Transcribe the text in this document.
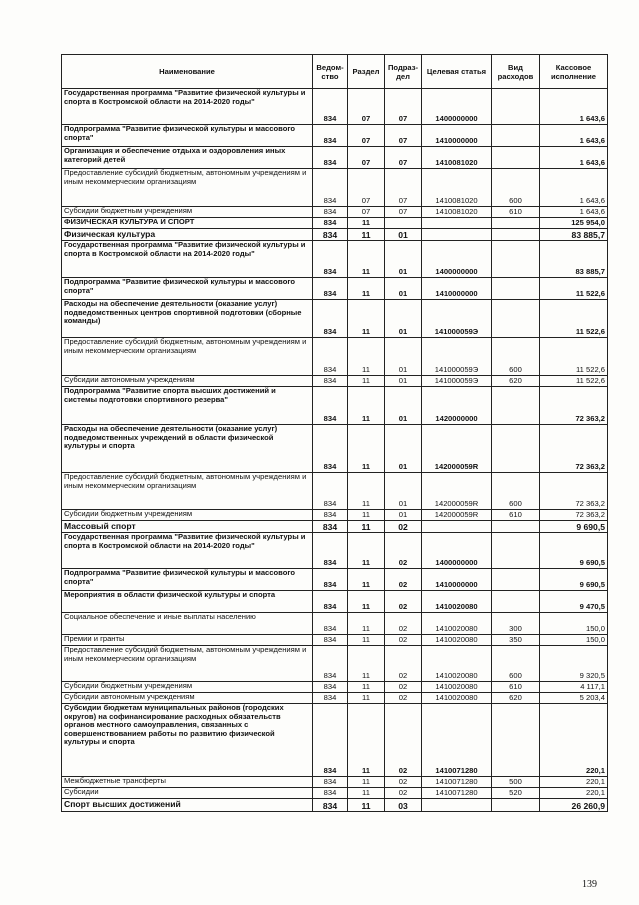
Наименование	Ведом-ство	Раздел	Подраз-дел	Целевая статья	Вид расходов	Кассовое исполнение
Государственная программа "Развитие физической культуры и спорта в Костромской области на 2014-2020 годы"	834	07	07	1400000000		1 643,6
Подпрограмма "Развитие физической культуры и массового спорта"	834	07	07	1410000000		1 643,6
Организация и обеспечение отдыха и оздоровления иных категорий детей	834	07	07	1410081020		1 643,6
Предоставление субсидий бюджетным, автономным учреждениям и иным некоммерческим организациям	834	07	07	1410081020	600	1 643,6
Субсидии бюджетным учреждениям	834	07	07	1410081020	610	1 643,6
ФИЗИЧЕСКАЯ КУЛЬТУРА И СПОРТ	834	11				125 954,0
Физическая культура	834	11	01			83 885,7
Государственная программа "Развитие физической культуры и спорта в Костромской области на 2014-2020 годы"	834	11	01	1400000000		83 885,7
Подпрограмма "Развитие физической культуры и массового спорта"	834	11	01	1410000000		11 522,6
Расходы на обеспечение деятельности (оказание услуг) подведомственных центров спортивной подготовки (сборные команды)	834	11	01	141000059Э		11 522,6
Предоставление субсидий бюджетным, автономным учреждениям и иным некоммерческим организациям	834	11	01	141000059Э	600	11 522,6
Субсидии автономным учреждениям	834	11	01	141000059Э	620	11 522,6
Подпрограмма "Развитие спорта высших достижений и системы подготовки спортивного резерва"	834	11	01	1420000000		72 363,2
Расходы на обеспечение деятельности (оказание услуг) подведомственных учреждений в области физической культуры и спорта	834	11	01	142000059R		72 363,2
Предоставление субсидий бюджетным, автономным учреждениям и иным некоммерческим организациям	834	11	01	142000059R	600	72 363,2
Субсидии бюджетным учреждениям	834	11	01	142000059R	610	72 363,2
Массовый спорт	834	11	02			9 690,5
Государственная программа "Развитие физической культуры и спорта в Костромской области на 2014-2020 годы"	834	11	02	1400000000		9 690,5
Подпрограмма "Развитие физической культуры и массового спорта"	834	11	02	1410000000		9 690,5
Мероприятия в области физической культуры и спорта	834	11	02	1410020080		9 470,5
Социальное обеспечение и иные выплаты населению	834	11	02	1410020080	300	150,0
Премии и гранты	834	11	02	1410020080	350	150,0
Предоставление субсидий бюджетным, автономным учреждениям и иным некоммерческим организациям	834	11	02	1410020080	600	9 320,5
Субсидии бюджетным учреждениям	834	11	02	1410020080	610	4 117,1
Субсидии автономным учреждениям	834	11	02	1410020080	620	5 203,4
Субсидии бюджетам муниципальных районов (городских округов) на софинансирование расходных обязательств органов местного самоуправления, связанных с совершенствованием работы по развитию физической культуры и спорта	834	11	02	1410071280		220,1
Межбюджетные трансферты	834	11	02	1410071280	500	220,1
Субсидии	834	11	02	1410071280	520	220,1
Спорт высших достижений	834	11	03			26 260,9
139
